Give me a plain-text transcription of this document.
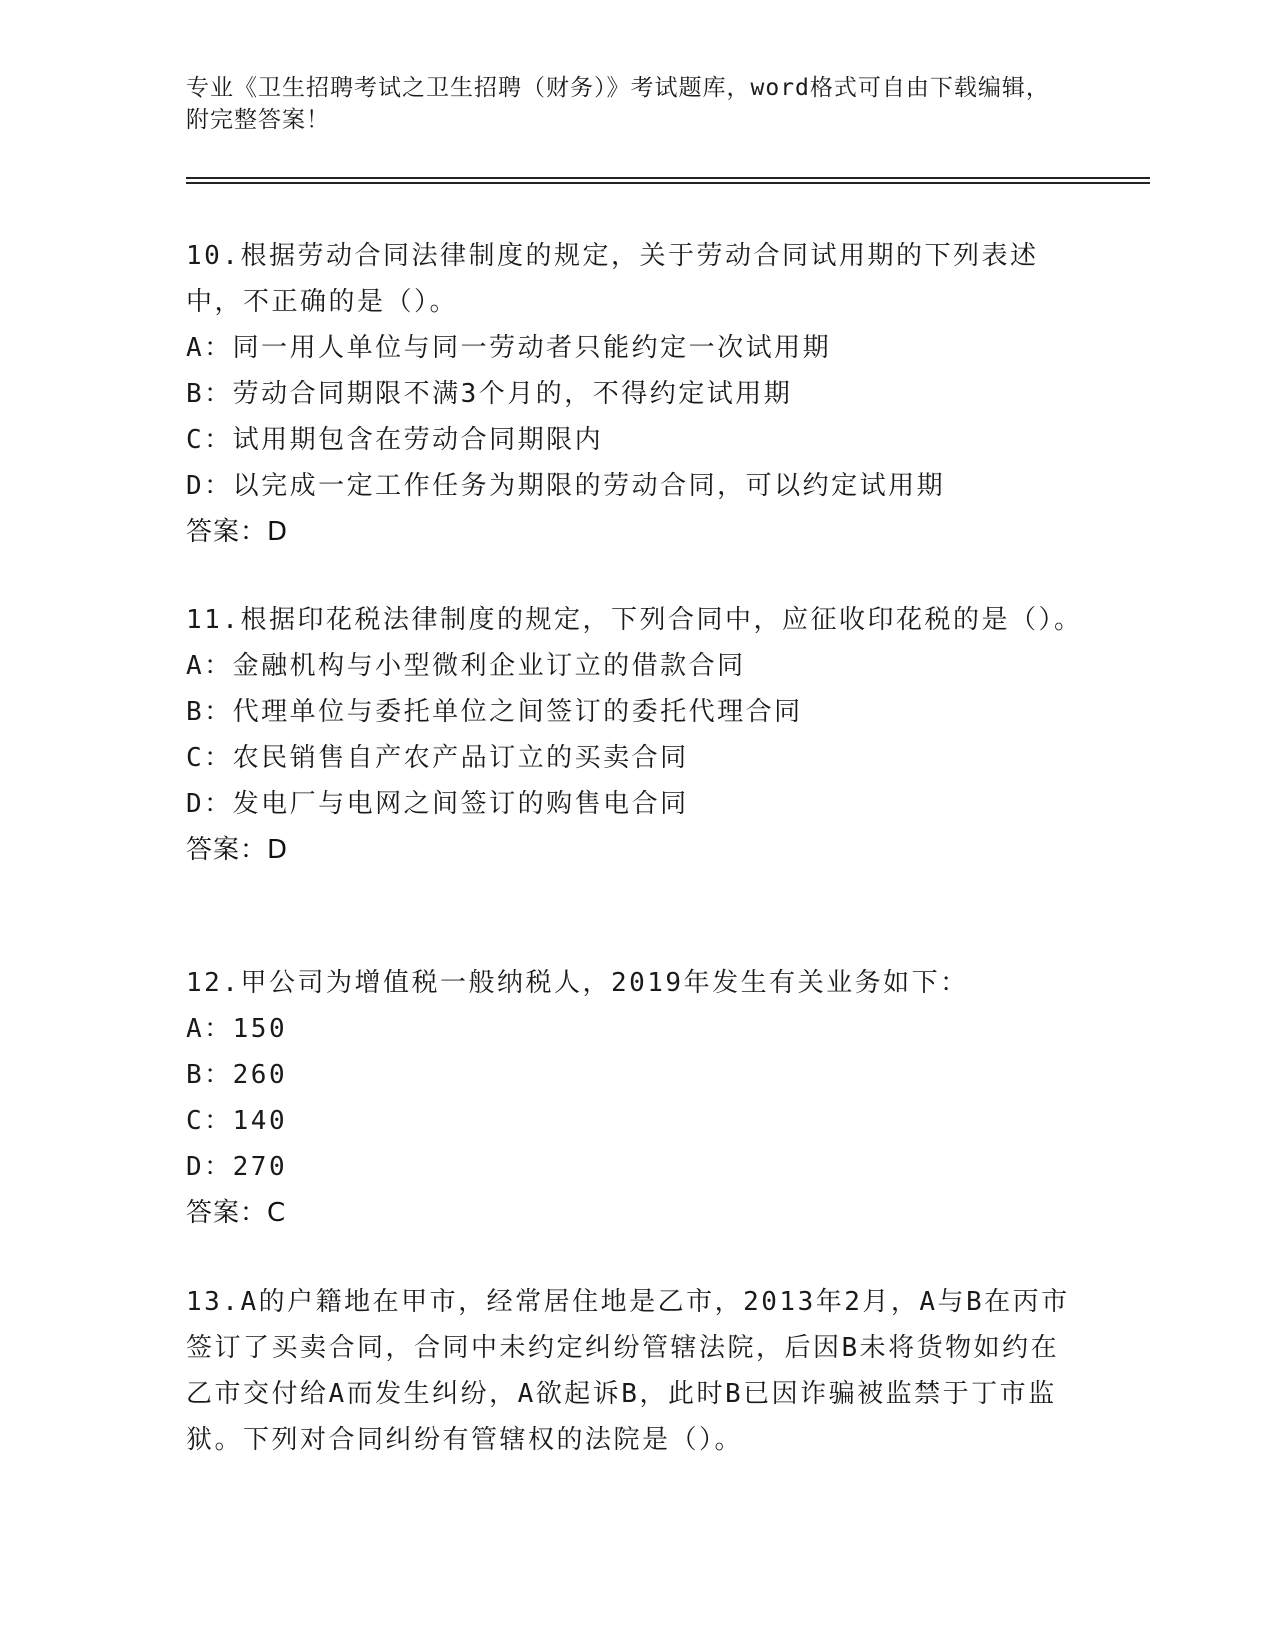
专业《卫生招聘考试之卫生招聘（财务）》考试题库，word格式可自由下载编辑，附完整答案！

10.根据劳动合同法律制度的规定，关于劳动合同试用期的下列表述中，不正确的是（）。

A：同一用人单位与同一劳动者只能约定一次试用期
B：劳动合同期限不满3个月的，不得约定试用期
C：试用期包含在劳动合同期限内
D：以完成一定工作任务为期限的劳动合同，可以约定试用期
答案：D

11.根据印花税法律制度的规定，下列合同中，应征收印花税的是（）。

A：金融机构与小型微利企业订立的借款合同
B：代理单位与委托单位之间签订的委托代理合同
C：农民销售自产农产品订立的买卖合同
D：发电厂与电网之间签订的购售电合同
答案：D

12.甲公司为增值税一般纳税人，2019年发生有关业务如下：

A：150
B：260
C：140
D：270
答案：C

13.A的户籍地在甲市，经常居住地是乙市，2013年2月，A与B在丙市签订了买卖合同，合同中未约定纠纷管辖法院，后因B未将货物如约在乙市交付给A而发生纠纷，A欲起诉B，此时B已因诈骗被监禁于丁市监狱。下列对合同纠纷有管辖权的法院是（）。
